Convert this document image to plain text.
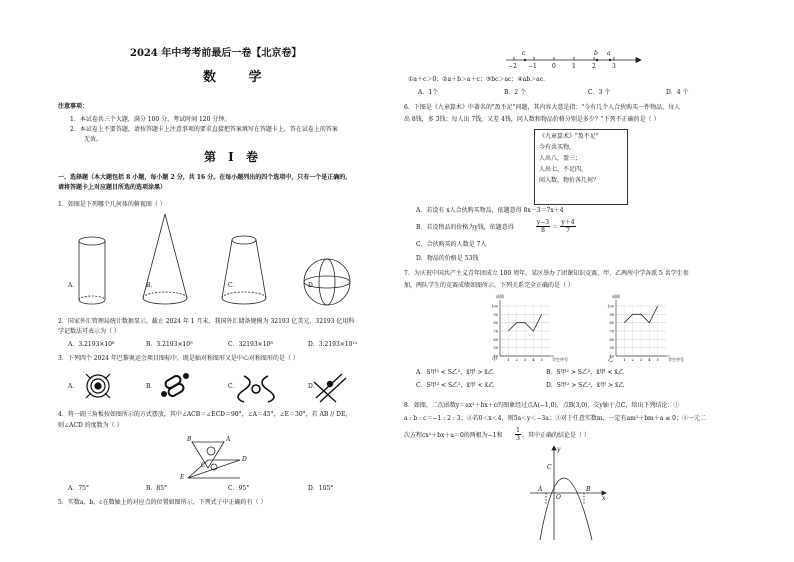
2024 年中考考前最后一卷【北京卷】
数 学
注意事项：
1．本试卷共三个大题，满分 100 分，考试时间 120 分钟。
2．本试卷上不要答题，请按答题卡上注意事项的要求直接把答案填写在答题卡上，答在试卷上的答案
无效。
第 I 卷
一、选择题（本大题包括 8 小题，每小题 2 分，共 16 分。在每小题列出的四个选项中，只有一个是正确的,
请将答题卡上对应题目所选的选项涂黑）
1．如图是下列哪个几何体的俯视图（ ）
A．	B．	C．	D．
2．国家外汇管理局统计数据显示，截止 2024 年 1 月末，我国外汇储备规模为 32193 亿美元，32193 亿用科
学记数法可表示为（ ）
A．3.2193×10⁸	B．3.2193×10⁹	C．32193×10⁸	D．3.2193×10¹²
3．下列四个 2024 年巴黎奥运会项目图标中，既是轴对称图形又是中心对称图形的是（ ）
A．	B．	C．	D．
4．将一副三角板按如图所示的方式摆放，其中∠ACB＝∠ECD＝90°，∠A＝45°，∠E＝30°，若 AB // DE，
则∠ACD 的度数为（ ）
B	A
C
D
E
A．75°	B．85°	C．95°	D．105°
5．实数a，b，c在数轴上的对应点的位置如图所示，下列式子中正确的有（ ）
c	b a
−2 −1	0	1	2	3
①a＋c＞0；②a＋b＞a＋c；③bc＞ac；④ab＞ac．
A．1个	B．2 个	C．3 个	D．4 个
6．下图是《九章算术》中著名的"盈不足"问题，其内容大意是指："今有几个人合伙购买一件物品，每人
出 8钱，多 3钱；每人出 7钱，又差 4钱，问人数和物品价格分别是多少？"下列不正确的是（ ）
《九章算术》"盈不足"
今有共买物，
人出八，盈三；
人出七，不足四，
问人数，物价各几何？
A．若设有 x人合伙购买物品，依题意得 8x－3＝7x＋4
B．若设物品的价格为y钱，依题意得
y−3
8	＝
y＋4
7
C．合伙购买的人数是 7人
D．物品的价格是 53钱
7．为庆祝中国共产主义青年团成立 100 周年，某区举办了团课知识竞赛，甲、乙两所中学各派 5 名学生参
加，两队学生的竞赛成绩如图所示，下列关系完全正确的是（ ）
100
90
80
70
60
50
40
1 2 3 4 5
成绩
学生序号
100
90
80
70
60
50
40
1 2 3 4 5
成绩
学生序号
甲	乙
A．S甲² < S乙²，x̄甲 > x̄乙	B．S甲² > S乙²，x̄甲 < x̄乙
C．S甲² < S乙²，x̄甲 < x̄乙	D．S甲² > S乙²，x̄甲 > x̄乙
8．如图，二次函数y＝ax²＋bx＋c的图象经过点A(−1,0)，点B(3,0)，交y轴于点C，给出下列结论：①
a : b : c＝−1 : 2 : 3；②若0＜x＜4，则5a＜y＜−3a；③对于任意实数m，一定有am²＋bm＋a ≤ 0；④一元二
次方程cx²＋bx＋a＝0的两根为−1和
1
3 ，其中正确的结论是（ ）
y
C
A
O
B
x
